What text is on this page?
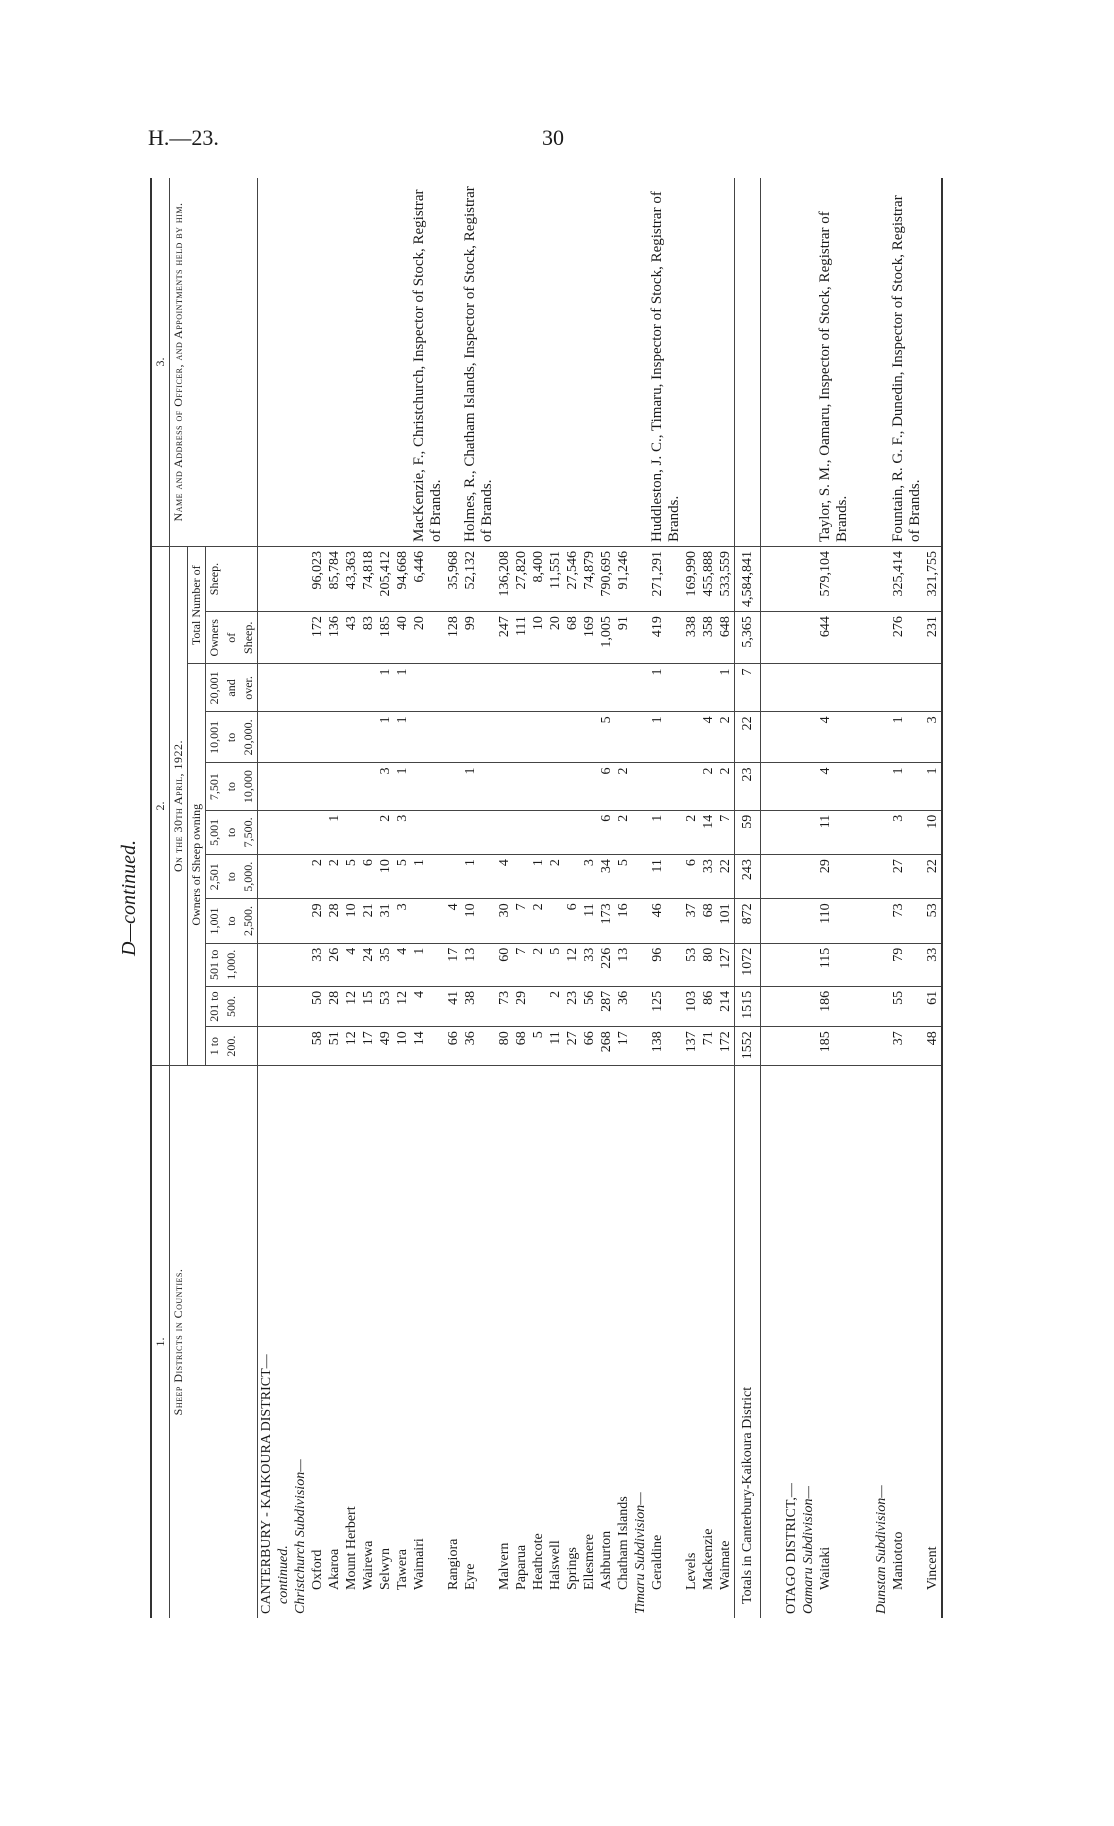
H.—23.	30
D—continued.
1.	2.											3.
Sheep Districts in Counties.	On the 30th April, 1922.											Name and Address of Officer, and Appointments held by him.
	Owners of Sheep owning									Total Number of		
	1 to 200.	201 to 500.	501 to 1,000.	1,001 to 2,500.	2,501 to 5,000.	5,001 to 7,500.	7,501 to 10,000	10,001 to 20,000.	20,001 and over.	Owners of Sheep.	Sheep.	
CANTERBURY - KAIKOURA DISTRICT—												
continued.												
Christchurch Subdivision—												
Oxford	58	50	33	29	2					172	96,023	
Akaroa	51	28	26	28	2	1				136	85,784	
Mount Herbert	12	12	4	10	5					43	43,363	
Wairewa	17	15	24	21	6					83	74,818	
Selwyn	49	53	35	31	10	2	3	1	1	185	205,412	
Tawera	10	12	4	3	5	3	1	1	1	40	94,668	
Waimairi	14	4	1		1					20	6,446	MacKenzie, F., Christchurch, Inspector of Stock, Registrar of Brands.
Rangiora	66	41	17	4						128	35,968	
Eyre	36	38	13	10	1		1			99	52,132	Holmes, R., Chatham Islands, Inspector of Stock, Registrar of Brands.
Malvern	80	73	60	30	4					247	136,208	
Paparua	68	29	7	7						111	27,820	
Heathcote	5		2	2	1					10	8,400	
Halswell	11	2	5		2					20	11,551	
Springs	27	23	12	6						68	27,546	
Ellesmere	66	56	33	11	3					169	74,879	
Ashburton	268	287	226	173	34	6	6	5		1,005	790,695	
Chatham Islands	17	36	13	16	5	2	2			91	91,246	
Timaru Subdivision—												
Geraldine	138	125	96	46	11	1		1	1	419	271,291	Huddleston, J. C., Timaru, Inspector of Stock, Registrar of Brands.
Levels	137	103	53	37	6	2				338	169,990	
Mackenzie	71	86	80	68	33	14	2	4		358	455,888	
Waimate	172	214	127	101	22	7	2	2	1	648	533,559	
Totals in Canterbury-Kaikoura District	1552	1515	1072	872	243	59	23	22	7	5,365	4,584,841	

OTAGO DISTRICT,—												
Oamaru Subdivision—												
Waitaki	185	186	115	110	29	11	4	4		644	579,104	Taylor, S. M., Oamaru, Inspector of Stock, Registrar of Brands.

Dunstan Subdivision—												
Maniototo	37	55	79	73	27	3	1	1		276	325,414	Fountain, R. G. F., Dunedin, Inspector of Stock, Registrar of Brands.
Vincent	48	61	33	53	22	10	1	3		231	321,755	
